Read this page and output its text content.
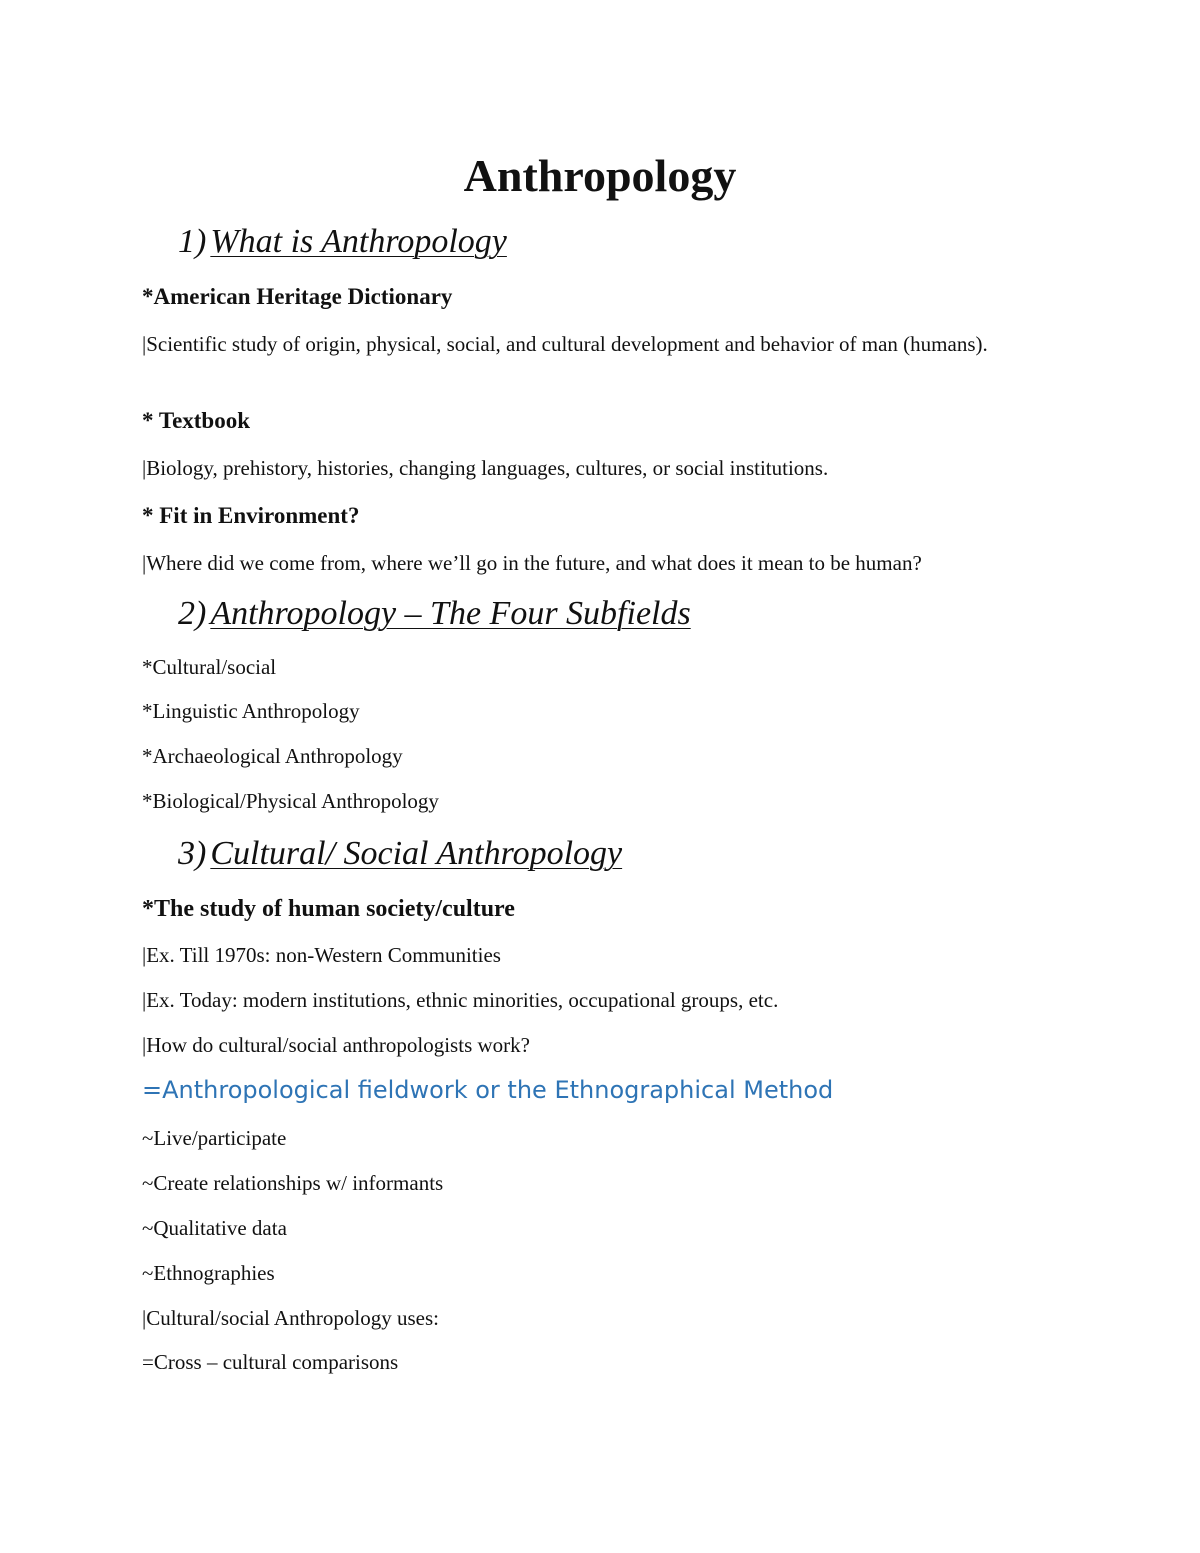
Anthropology
1) What is Anthropology
*American Heritage Dictionary
|Scientific study of origin, physical, social, and cultural development and behavior of man (humans).
* Textbook
|Biology, prehistory, histories, changing languages, cultures, or social institutions.
* Fit in Environment?
|Where did we come from, where we’ll go in the future, and what does it mean to be human?
2) Anthropology – The Four Subfields
*Cultural/social
*Linguistic Anthropology
*Archaeological Anthropology
*Biological/Physical Anthropology
3) Cultural/ Social Anthropology
*The study of human society/culture
|Ex. Till 1970s: non-Western Communities
|Ex. Today: modern institutions, ethnic minorities, occupational groups, etc.
|How do cultural/social anthropologists work?
=Anthropological fieldwork or the Ethnographical Method
~Live/participate
~Create relationships w/ informants
~Qualitative data
~Ethnographies
|Cultural/social Anthropology uses:
=Cross – cultural comparisons
